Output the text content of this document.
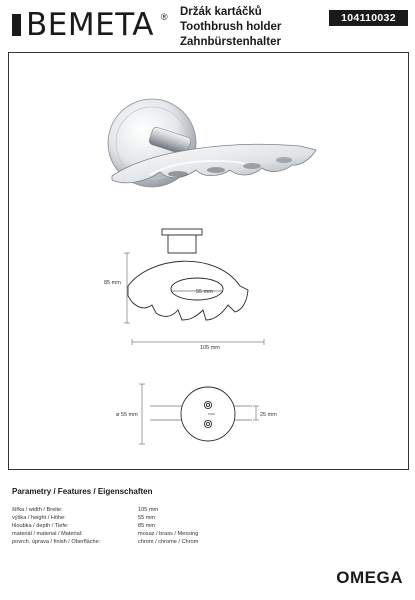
BEMETA ® Držák kartáčků
Toothbrush holder
Zahnbürstenhalter
104110032
85 mm
55 mm
105 mm
ø 55 mm	25 mm
Parametry / Features / Eigenschaften
šířka / width / Breite:	105 mm
výška / height / Höhe:	55 mm
hloubka / depth / Tiefe:	85 mm
materiál / material / Material:	mosaz / brass / Messing
povrch. úprava / finish / Oberfläche:	chrom / chrome / Chrom
OMEGA
